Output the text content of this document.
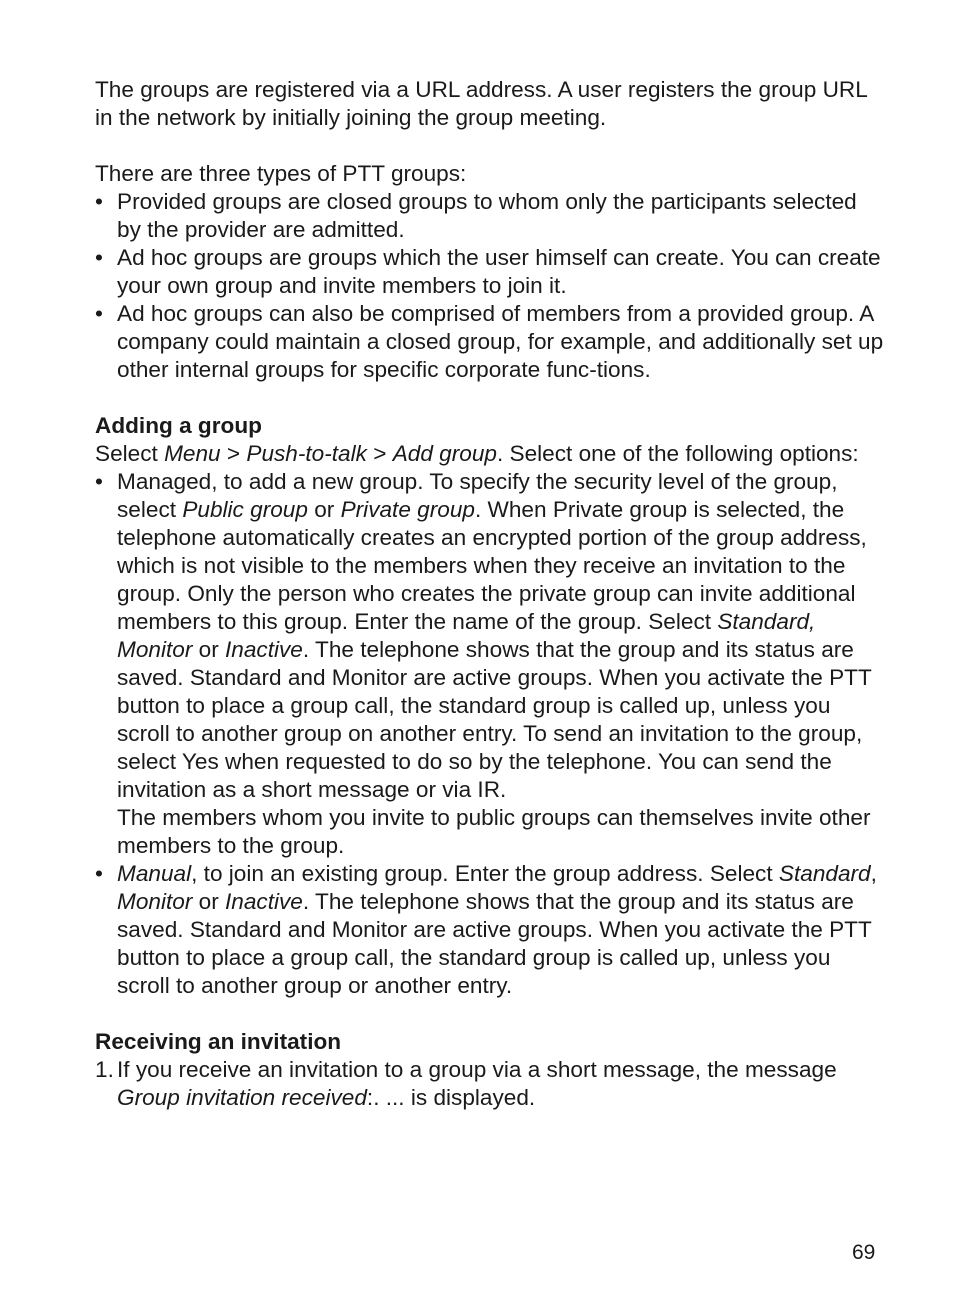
The groups are registered via a URL address. A user registers the group URL in the network by initially joining the group meeting.

There are three types of PTT groups:

• Provided groups are closed groups to whom only the participants selected by the provider are admitted.
• Ad hoc groups are groups which the user himself can create. You can create your own group and invite members to join it.
• Ad hoc groups can also be comprised of members from a provided group. A company could maintain a closed group, for example, and additionally set up other internal groups for specific corporate func-tions.

Adding a group

Select Menu > Push-to-talk > Add group. Select one of the following options:

• Managed, to add a new group. To specify the security level of the group, select Public group or Private group. When Private group is selected, the telephone automatically creates an encrypted portion of the group address, which is not visible to the members when they receive an invitation to the group. Only the person who creates the private group can invite additional members to this group. Enter the name of the group. Select Standard, Monitor or Inactive. The telephone shows that the group and its status are saved. Standard and Monitor are active groups. When you activate the PTT button to place a group call, the standard group is called up, unless you scroll to another group on another entry. To send an invitation to the group, select Yes when requested to do so by the telephone. You can send the invitation as a short message or via IR.
The members whom you invite to public groups can themselves invite other members to the group.
• Manual, to join an existing group. Enter the group address. Select Standard, Monitor or Inactive. The telephone shows that the group and its status are saved. Standard and Monitor are active groups. When you activate the PTT button to place a group call, the standard group is called up, unless you scroll to another group or another entry.

Receiving an invitation

1. If you receive an invitation to a group via a short message, the message Group invitation received:. ... is displayed.
69
